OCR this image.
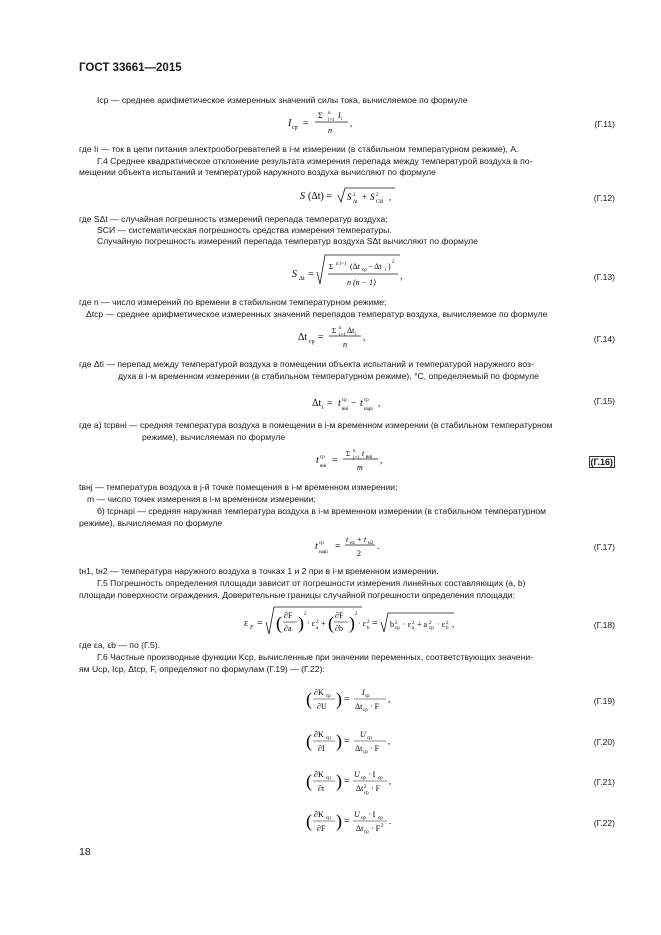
ГОСТ 33661—2015
Iср — среднее арифметическое измеренных значений силы тока, вычисляемое по формуле
где Ii — ток в цепи питания электрообогревателей в i-м измерении (в стабильном температурном режиме), А.
Г.4 Среднее квадратическое отклонение результата измерения перепада между температурой воздуха в по-
мещении объекта испытаний и температурой наружного воздуха вычисляют по формуле
где SΔt — случайная погрешность измерений перепада температур воздуха;
SСИ — систематическая погрешность средства измерения температуры.
Случайную погрешность измерений перепада температур воздуха SΔt вычисляют по формуле
где n — число измерений по времени в стабильном температурном режиме;
Δtср — среднее арифметическое измеренных значений перепадов температур воздуха, вычисляемое по формуле
где Δti — перепад между температурой воздуха в помещении объекта испытаний и температурой наружного воз-
духа в i-м временном измерении (в стабильном температурном режиме), °С, определяемый по формуле
где а) tсрвнi — средняя температура воздуха в помещении в i-м временном измерении (в стабильном температурном
режиме), вычисляемая по формуле
tвнj — температура воздуха в j-й точке помещения в i-м временном измерении;
m — число точек измерения в i-м временном измерении;
б) tсрнарi — средняя наружная температура воздуха в i-м временном измерении (в стабильном температурном
режиме), вычисляемая по формуле
tн1, tн2 — температура наружного воздуха в точках 1 и 2 при в i-м временном измерении.
Г.5 Погрешность определения площади зависит от погрешности измерения линейных составляющих (a, b)
площади поверхности ограждения. Доверительные границы случайной погрешности определения площади:
где εa, εb — по (Г.5).
Г.6 Частные производные функции Kср, вычисленные при значении переменных, соответствующих значени-
ям Uср, Iср, Δtср, F, определяют по формулам (Г.19) — (Г.22):
I ср =
Σ n
i=1
I i
n
,
S (Δt) = S 2
Δt
+ S 2
СИ
,
S Δt =
Σ n i=1 (Δt ср − Δt i ) 2
n (n − 1)
,
Δt ср =
Σ n
i=1
Δt i
n
,
Δt i = t ср
внi
− t ср
нарi
,
t ср
внi
=
Σ n
j=1
t внj
m
,
t ср
нарi
=
t н1 + t н2
2
.
ε F = ( ∂F
∂a ) 2
· ε 2
a
+ ( ∂F
∂b ) 2
· ε 2
b = b 2
ср · ε 2
a + a 2
ср · ε 2
b ,
( ∂K ср
∂U ) =
I ср
Δt ср · F
,
( ∂K ср
∂I ) =
U ср
Δt ср · F
,
( ∂K ср
∂t ) =
U ср · I ср
Δt 2
ср
· F
,
( ∂K ср
∂F ) =
U ср · I ср
Δt ср · F 2
.
(Г.11)
(Г.12)
(Г.13)
(Г.14)
(Г.15)
(Г.16)
(Г.17)
(Г.18)
(Г.19)
(Г.20)
(Г.21)
(Г.22)
18
